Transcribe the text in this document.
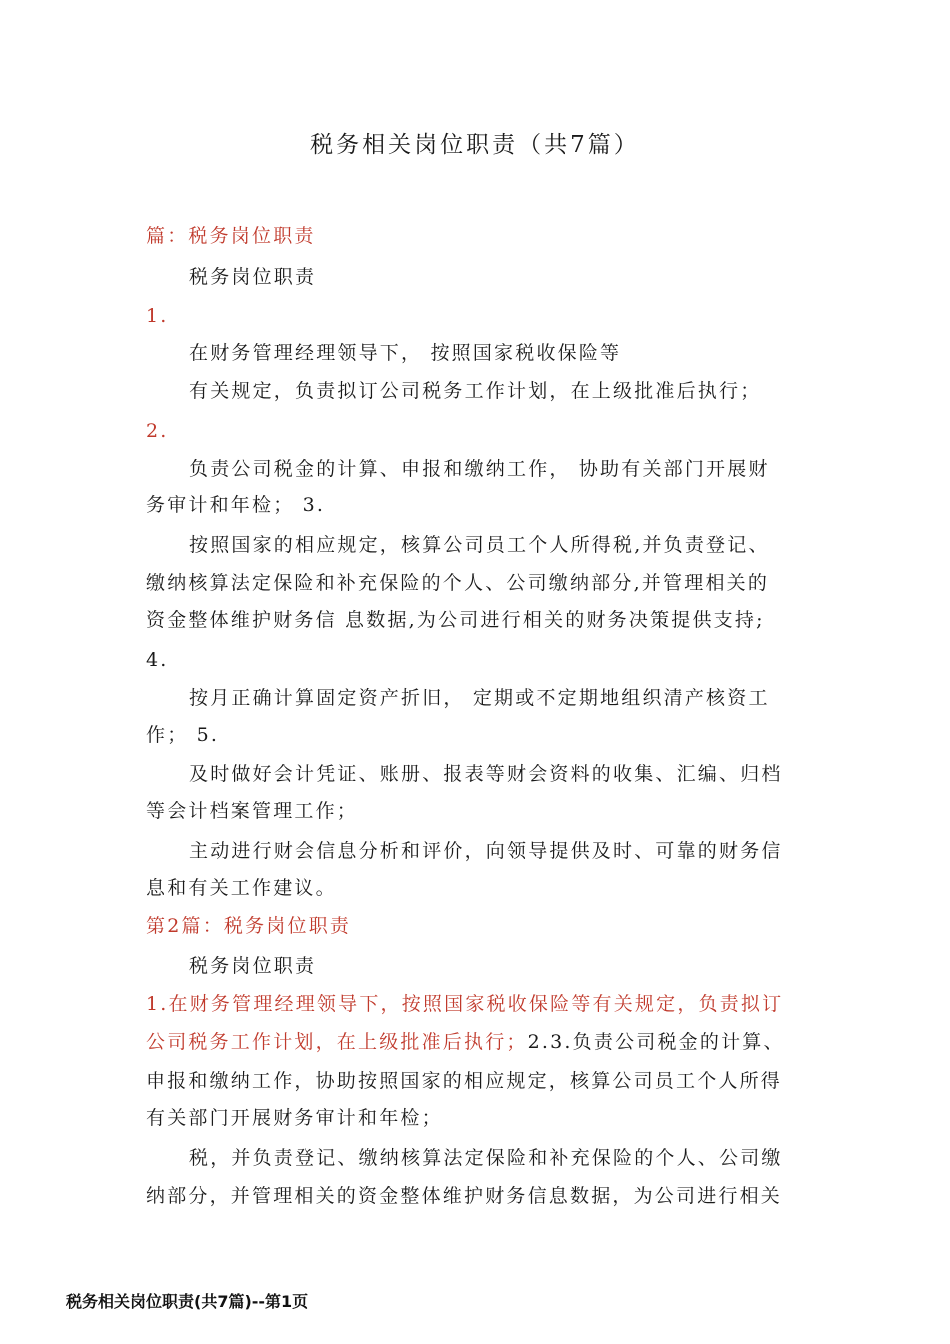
税务相关岗位职责（共7篇）
篇：税务岗位职责
税务岗位职责
1.
在财务管理经理领导下， 按照国家税收保险等
有关规定，负责拟订公司税务工作计划，在上级批准后执行；
2.
负责公司税金的计算、申报和缴纳工作， 协助有关部门开展财
务审计和年检； 3.
按照国家的相应规定，核算公司员工个人所得税,并负责登记、
缴纳核算法定保险和补充保险的个人、公司缴纳部分,并管理相关的
资金整体维护财务信 息数据,为公司进行相关的财务决策提供支持;
4.
按月正确计算固定资产折旧， 定期或不定期地组织清产核资工
作； 5.
及时做好会计凭证、账册、报表等财会资料的收集、汇编、归档
等会计档案管理工作；
主动进行财会信息分析和评价，向领导提供及时、可靠的财务信
息和有关工作建议。
第2篇：税务岗位职责
税务岗位职责
1.在财务管理经理领导下，按照国家税收保险等有关规定，负责拟订
公司税务工作计划，在上级批准后执行；2.3.负责公司税金的计算、
申报和缴纳工作，协助按照国家的相应规定，核算公司员工个人所得
有关部门开展财务审计和年检；
税，并负责登记、缴纳核算法定保险和补充保险的个人、公司缴
纳部分，并管理相关的资金整体维护财务信息数据，为公司进行相关
税务相关岗位职责(共7篇)--第1页
